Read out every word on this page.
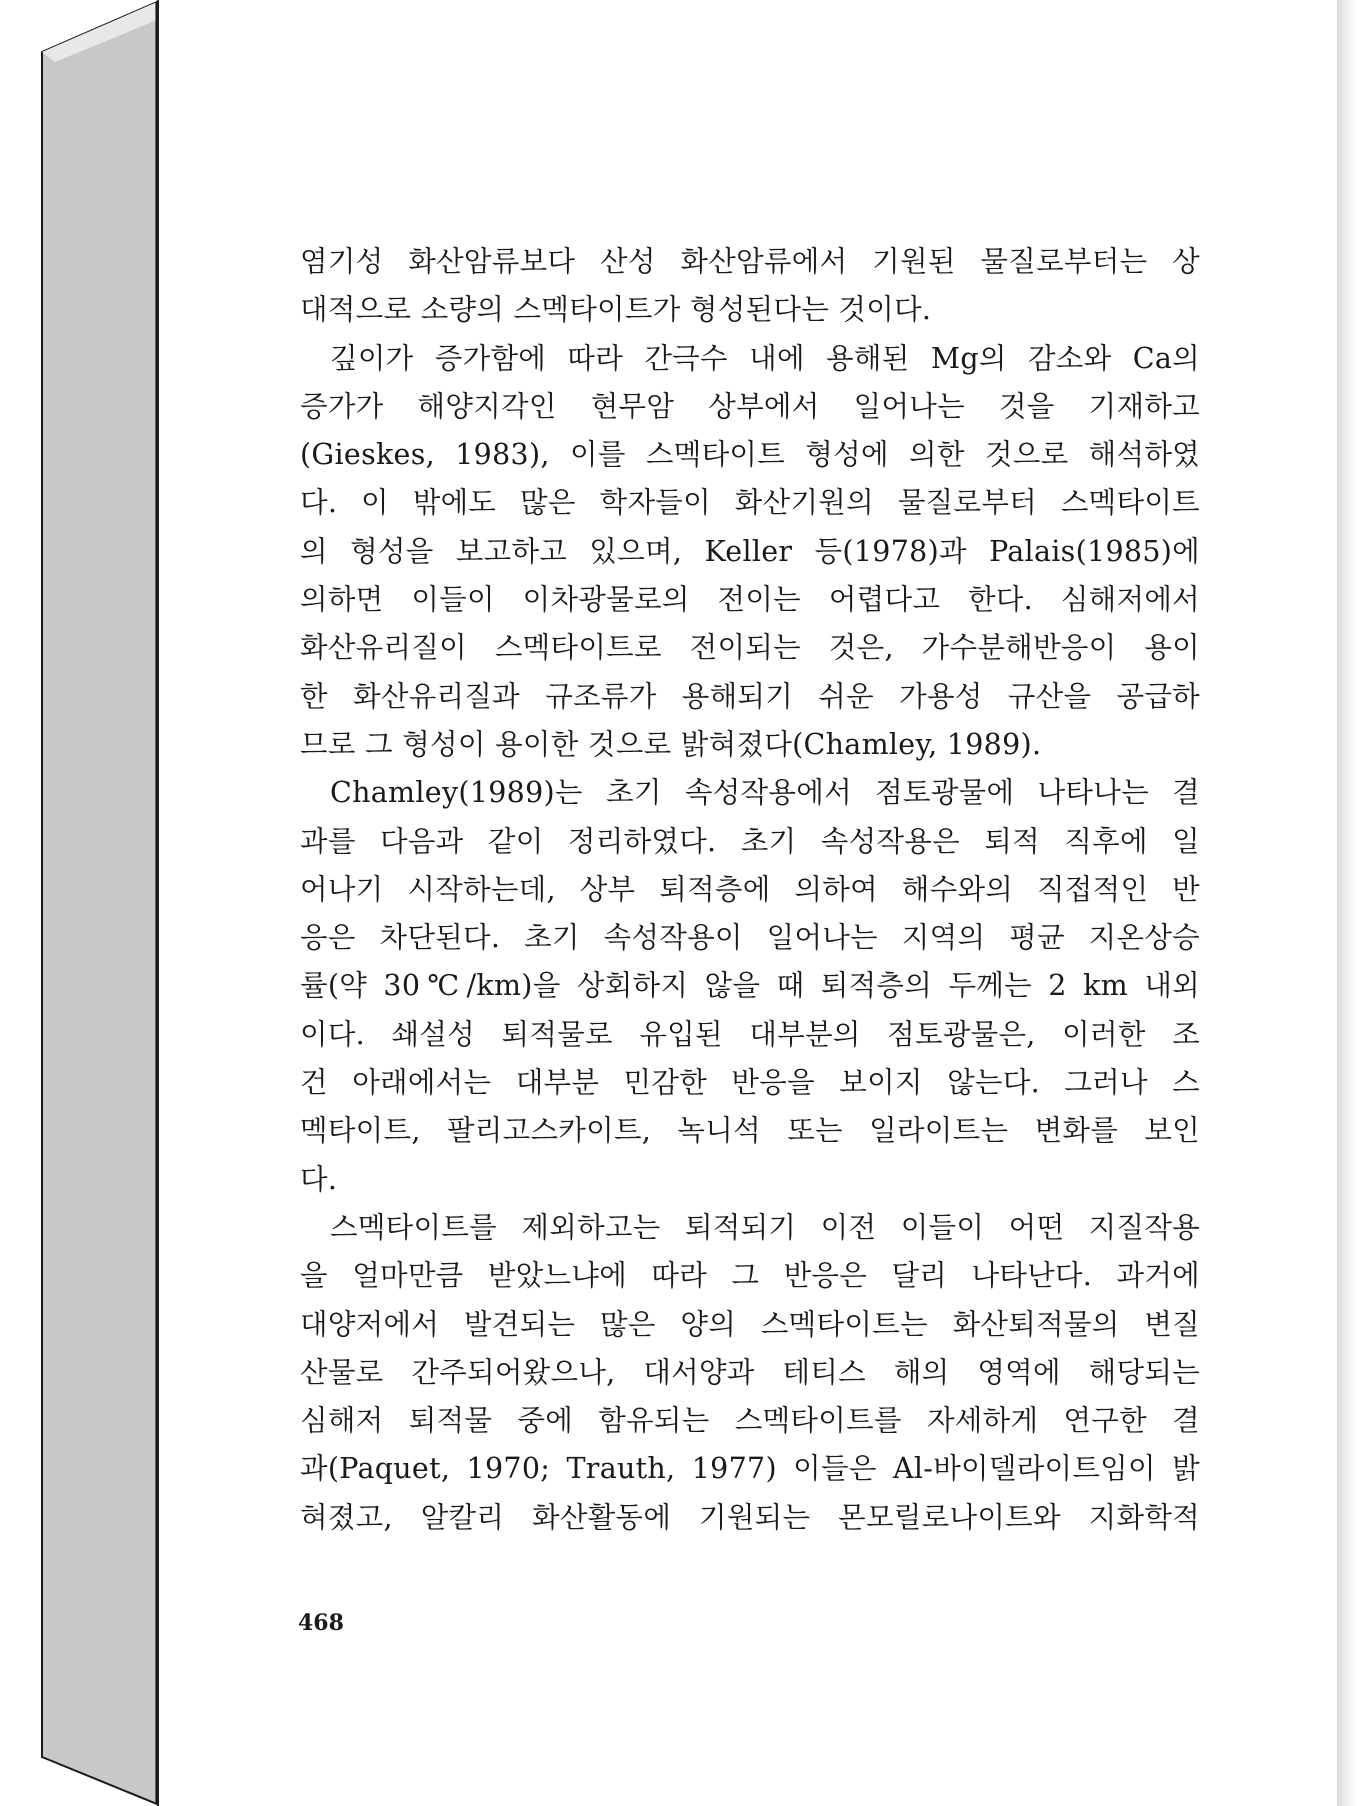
염기성 화산암류보다 산성 화산암류에서 기원된 물질로부터는 상
대적으로 소량의 스멕타이트가 형성된다는 것이다.
깊이가 증가함에 따라 간극수 내에 용해된 Mg의 감소와 Ca의
증가가 해양지각인 현무암 상부에서 일어나는 것을 기재하고
(Gieskes, 1983), 이를 스멕타이트 형성에 의한 것으로 해석하였
다. 이 밖에도 많은 학자들이 화산기원의 물질로부터 스멕타이트
의 형성을 보고하고 있으며, Keller 등(1978)과 Palais(1985)에
의하면 이들이 이차광물로의 전이는 어렵다고 한다. 심해저에서
화산유리질이 스멕타이트로 전이되는 것은, 가수분해반응이 용이
한 화산유리질과 규조류가 용해되기 쉬운 가용성 규산을 공급하
므로 그 형성이 용이한 것으로 밝혀졌다(Chamley, 1989).
Chamley(1989)는 초기 속성작용에서 점토광물에 나타나는 결
과를 다음과 같이 정리하였다. 초기 속성작용은 퇴적 직후에 일
어나기 시작하는데, 상부 퇴적층에 의하여 해수와의 직접적인 반
응은 차단된다. 초기 속성작용이 일어나는 지역의 평균 지온상승
률(약 30℃/km)을 상회하지 않을 때 퇴적층의 두께는 2 km 내외
이다. 쇄설성 퇴적물로 유입된 대부분의 점토광물은, 이러한 조
건 아래에서는 대부분 민감한 반응을 보이지 않는다. 그러나 스
멕타이트, 팔리고스카이트, 녹니석 또는 일라이트는 변화를 보인
다.
스멕타이트를 제외하고는 퇴적되기 이전 이들이 어떤 지질작용
을 얼마만큼 받았느냐에 따라 그 반응은 달리 나타난다. 과거에
대양저에서 발견되는 많은 양의 스멕타이트는 화산퇴적물의 변질
산물로 간주되어왔으나, 대서양과 테티스 해의 영역에 해당되는
심해저 퇴적물 중에 함유되는 스멕타이트를 자세하게 연구한 결
과(Paquet, 1970; Trauth, 1977) 이들은 Al-바이델라이트임이 밝
혀졌고, 알칼리 화산활동에 기원되는 몬모릴로나이트와 지화학적
468
